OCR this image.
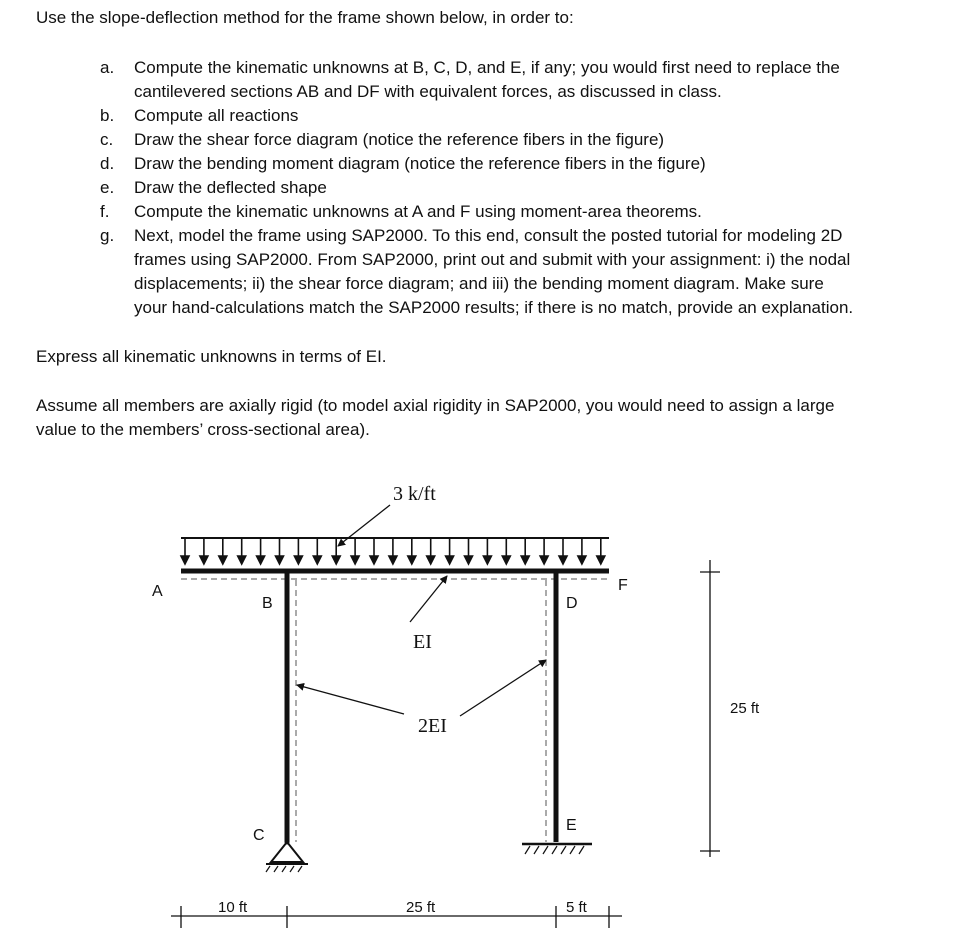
Use the slope-deflection method for the frame shown below, in order to:

a. Compute the kinematic unknowns at B, C, D, and E, if any; you would first need to replace the
cantilevered sections AB and DF with equivalent forces, as discussed in class.
b. Compute all reactions
c. Draw the shear force diagram (notice the reference fibers in the figure)
d. Draw the bending moment diagram (notice the reference fibers in the figure)
e. Draw the deflected shape
f. Compute the kinematic unknowns at A and F using moment-area theorems.
g. Next, model the frame using SAP2000. To this end, consult the posted tutorial for modeling 2D
frames using SAP2000. From SAP2000, print out and submit with your assignment: i) the nodal
displacements; ii) the shear force diagram; and iii) the bending moment diagram. Make sure
your hand-calculations match the SAP2000 results; if there is no match, provide an explanation.

Express all kinematic unknowns in terms of EI.

Assume all members are axially rigid (to model axial rigidity in SAP2000, you would need to assign a large
value to the members’ cross-sectional area).
3 k/ft
EI
2EI
A
B
C
D
E
F
25 ft
10 ft	25 ft	5 ft
